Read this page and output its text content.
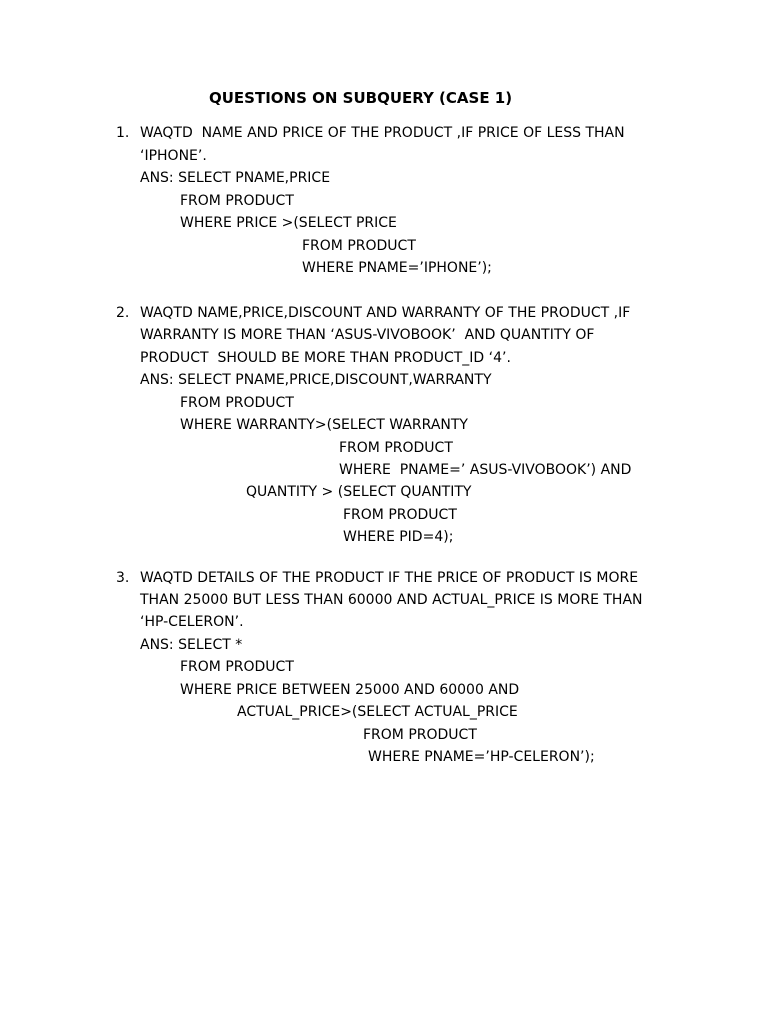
QUESTIONS ON SUBQUERY (CASE 1)
1. WAQTD  NAME AND PRICE OF THE PRODUCT ,IF PRICE OF LESS THAN
‘IPHONE’.
ANS: SELECT PNAME,PRICE
FROM PRODUCT
WHERE PRICE >(SELECT PRICE
FROM PRODUCT
WHERE PNAME=’IPHONE’);
2. WAQTD NAME,PRICE,DISCOUNT AND WARRANTY OF THE PRODUCT ,IF
WARRANTY IS MORE THAN ‘ASUS-VIVOBOOK’  AND QUANTITY OF
PRODUCT  SHOULD BE MORE THAN PRODUCT_ID ‘4’.
ANS: SELECT PNAME,PRICE,DISCOUNT,WARRANTY
FROM PRODUCT
WHERE WARRANTY>(SELECT WARRANTY
FROM PRODUCT
WHERE  PNAME=’ ASUS-VIVOBOOK’) AND
QUANTITY > (SELECT QUANTITY
FROM PRODUCT
WHERE PID=4);
3. WAQTD DETAILS OF THE PRODUCT IF THE PRICE OF PRODUCT IS MORE
THAN 25000 BUT LESS THAN 60000 AND ACTUAL_PRICE IS MORE THAN
‘HP-CELERON’.
ANS: SELECT *
FROM PRODUCT
WHERE PRICE BETWEEN 25000 AND 60000 AND
ACTUAL_PRICE>(SELECT ACTUAL_PRICE
FROM PRODUCT
WHERE PNAME=’HP-CELERON’);
